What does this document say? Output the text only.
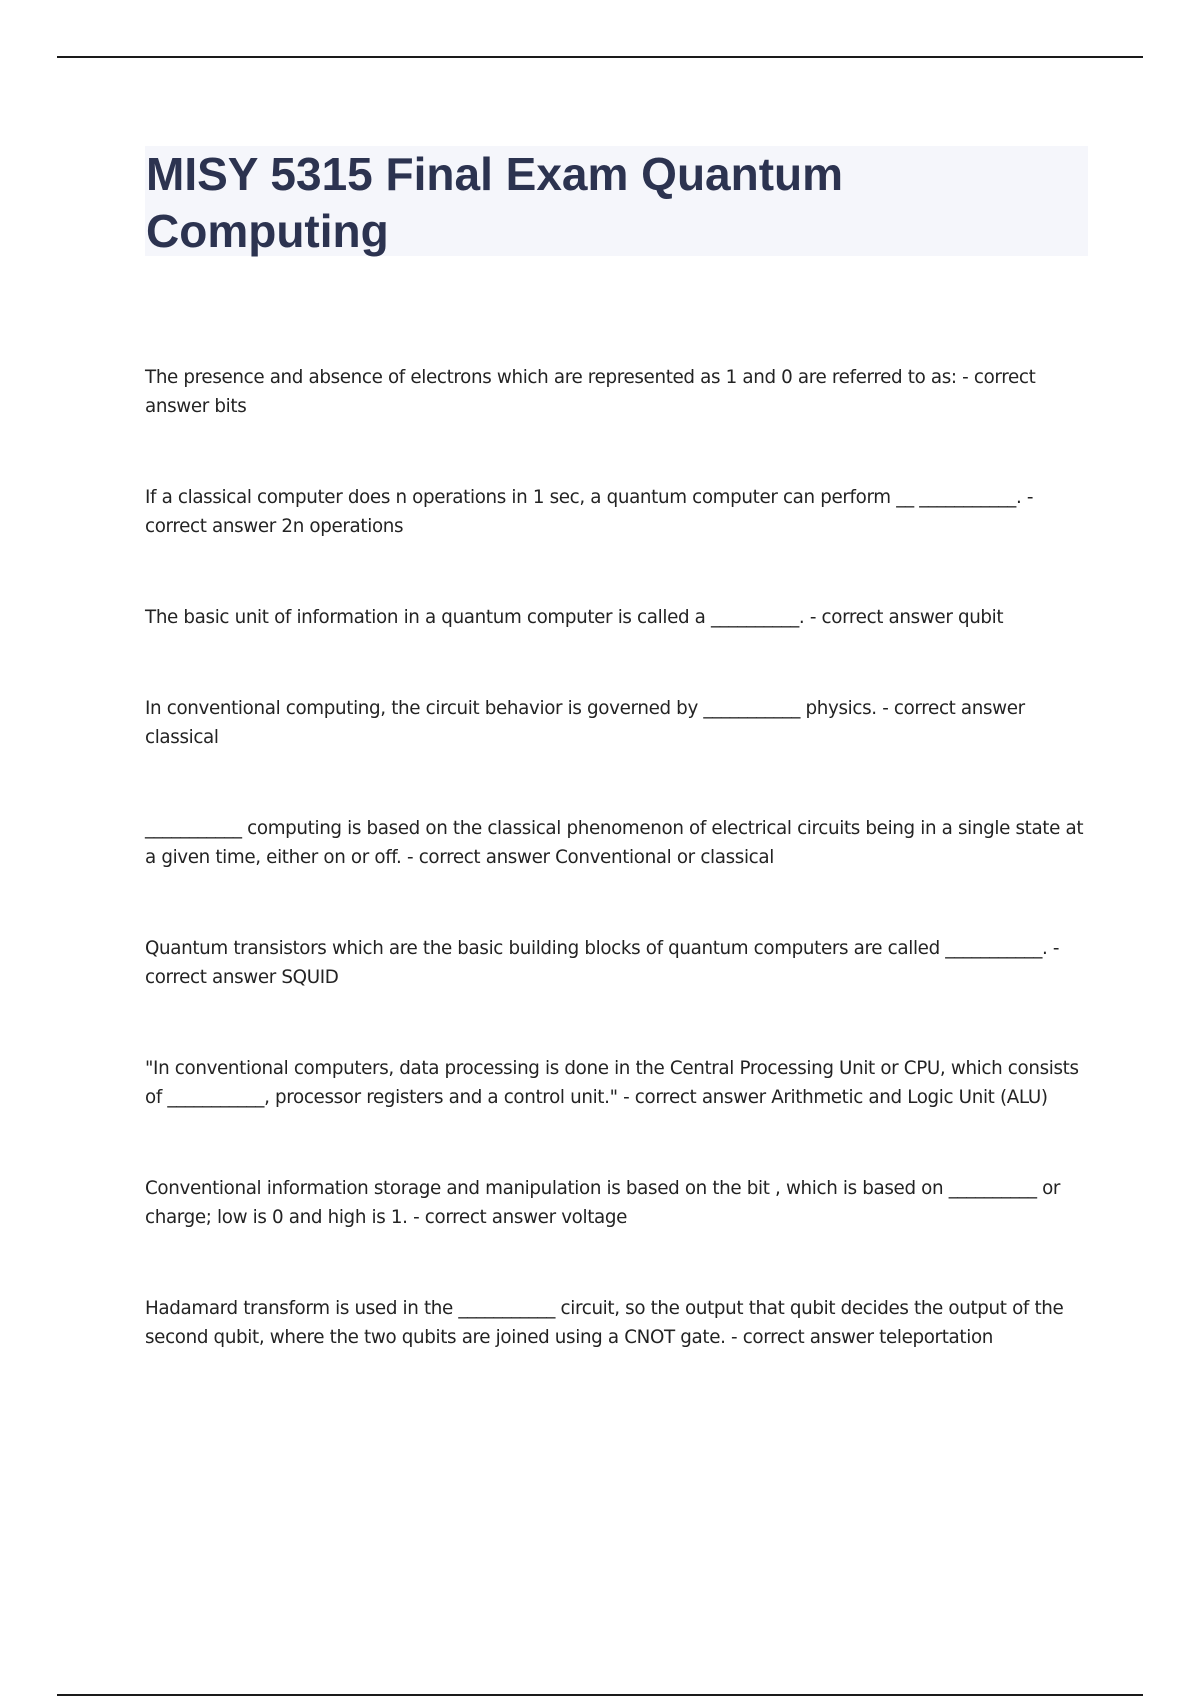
MISY 5315 Final Exam Quantum Computing

The presence and absence of electrons which are represented as 1 and 0 are referred to as: - correct answer bits

If a classical computer does n operations in 1 sec, a quantum computer can perform __ ___________. - correct answer 2n operations

The basic unit of information in a quantum computer is called a __________. - correct answer qubit

In conventional computing, the circuit behavior is governed by ___________ physics. - correct answer classical

___________ computing is based on the classical phenomenon of electrical circuits being in a single state at a given time, either on or off. - correct answer Conventional or classical

Quantum transistors which are the basic building blocks of quantum computers are called ___________. - correct answer SQUID

"In conventional computers, data processing is done in the Central Processing Unit or CPU, which consists of ___________, processor registers and a control unit." - correct answer Arithmetic and Logic Unit (ALU)

Conventional information storage and manipulation is based on the bit , which is based on __________ or charge; low is 0 and high is 1. - correct answer voltage

Hadamard transform is used in the ___________ circuit, so the output that qubit decides the output of the second qubit, where the two qubits are joined using a CNOT gate. - correct answer teleportation
